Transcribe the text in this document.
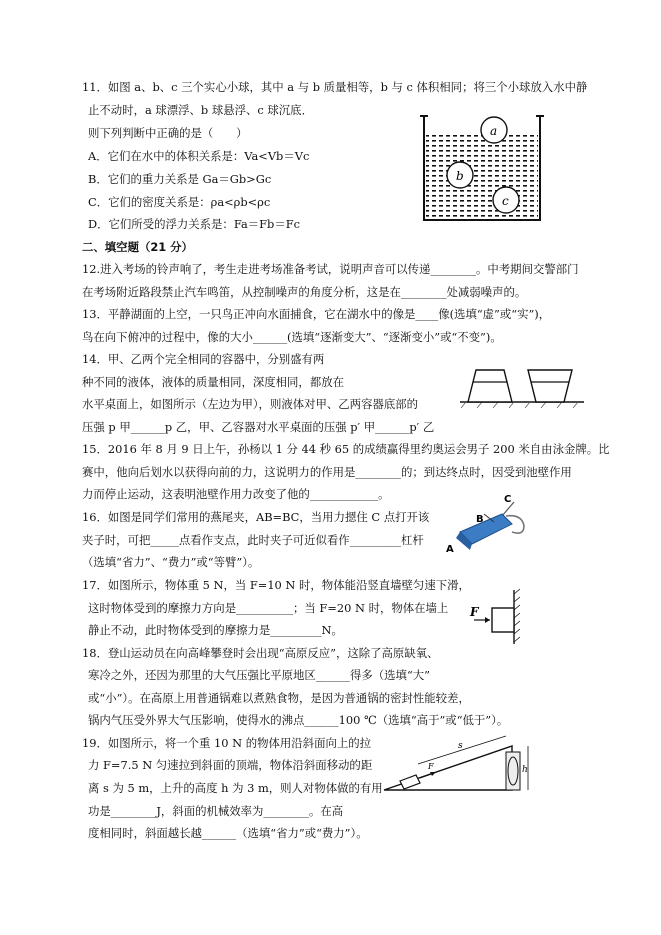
11．如图 a、b、c 三个实心小球，其中 a 与 b 质量相等，b 与 c 体积相同；将三个小球放入水中静
止不动时，a 球漂浮、b 球悬浮、c 球沉底．
则下列判断中正确的是（　　）
A．它们在水中的体积关系是：Va<Vb＝Vc
B．它们的重力关系是 Ga＝Gb>Gc
C．它们的密度关系是：ρa<ρb<ρc
D．它们所受的浮力关系是：Fa＝Fb＝Fc
二、填空题（21 分）
12.进入考场的铃声响了，考生走进考场准备考试，说明声音可以传递________。中考期间交警部门
在考场附近路段禁止汽车鸣笛，从控制噪声的角度分析，这是在________处减弱噪声的。
13．平静湖面的上空，一只鸟正冲向水面捕食，它在湖水中的像是____像(选填“虚”或“实”)，
鸟在向下俯冲的过程中，像的大小______(选填“逐渐变大”、“逐渐变小”或“不变”)。
14．甲、乙两个完全相同的容器中，分别盛有两
种不同的液体，液体的质量相同，深度相同，都放在
水平桌面上，如图所示（左边为甲），则液体对甲、乙两容器底部的
压强 p 甲______p 乙，甲、乙容器对水平桌面的压强 p′ 甲______p′ 乙
15．2016 年 8 月 9 日上午，孙杨以 1 分 44 秒 65 的成绩赢得里约奥运会男子 200 米自由泳金牌。比
赛中，他向后划水以获得向前的力，这说明力的作用是________的；到达终点时，因受到池壁作用
力而停止运动，这表明池壁作用力改变了他的____________。
16．如图是同学们常用的燕尾夹，AB=BC，当用力摁住 C 点打开该
夹子时，可把_____点看作支点，此时夹子可近似看作_________杠杆
（选填“省力”、“费力”或“等臂”）。
17．如图所示，物体重 5 N，当 F=10 N 时，物体能沿竖直墙壁匀速下滑，
这时物体受到的摩擦力方向是__________；当 F=20 N 时，物体在墙上
静止不动，此时物体受到的摩擦力是_________N。
18．登山运动员在向高峰攀登时会出现“高原反应”，这除了高原缺氧、
寒冷之外，还因为那里的大气压强比平原地区______得多（选填“大”
或“小”）。在高原上用普通锅难以煮熟食物，是因为普通锅的密封性能较差，
锅内气压受外界大气压影响，使得水的沸点______100 ℃（选填“高于”或“低于”）。
19．如图所示，将一个重 10 N 的物体用沿斜面向上的拉
力 F=7.5 N 匀速拉到斜面的顶端，物体沿斜面移动的距
离 s 为 5 m，上升的高度 h 为 3 m，则人对物体做的有用
功是________J，斜面的机械效率为________。在高
度相同时，斜面越长越______（选填“省力”或“费力”）。
a
b
c
C
B
A
F
F
s
h
